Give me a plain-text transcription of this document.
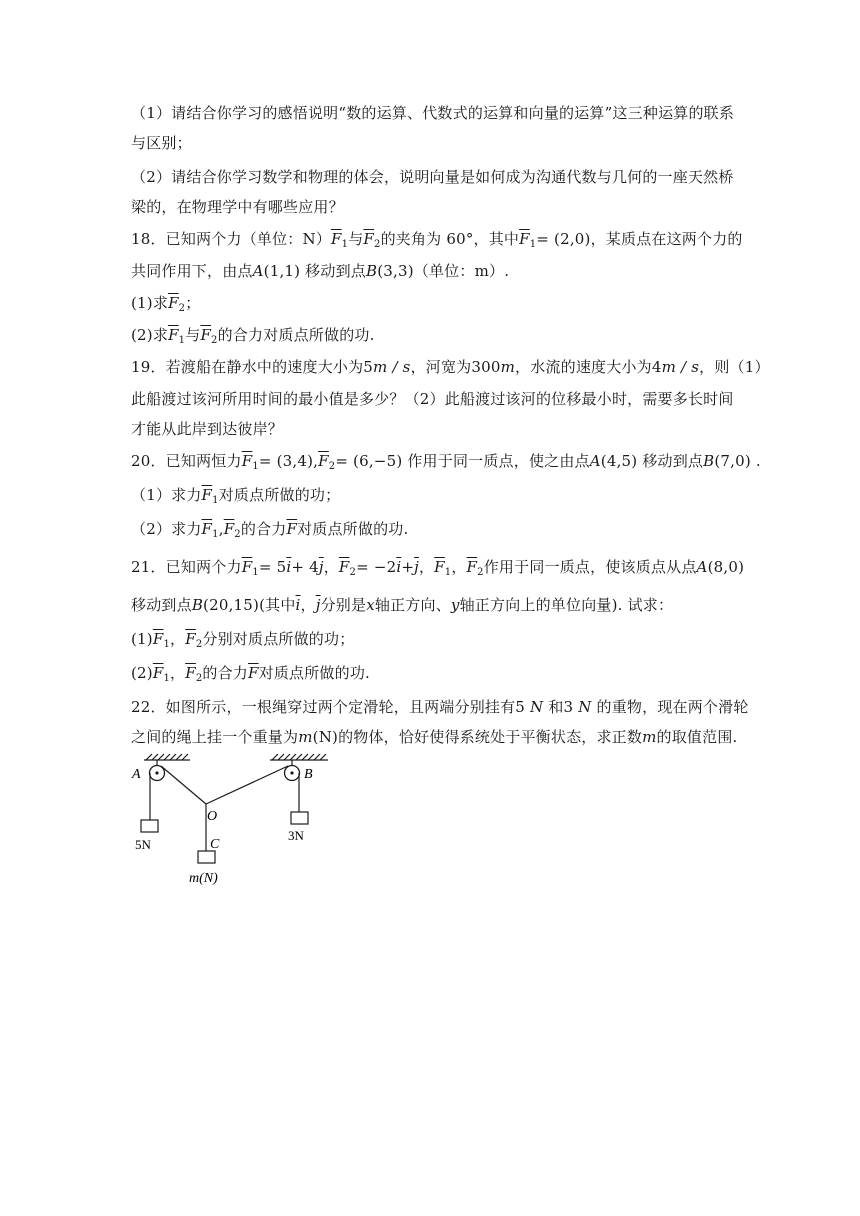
（1）请结合你学习的感悟说明“数的运算、代数式的运算和向量的运算”这三种运算的联系
与区别；
（2）请结合你学习数学和物理的体会，说明向量是如何成为沟通代数与几何的一座天然桥
梁的，在物理学中有哪些应用？
18．已知两个力（单位：$N)\overline{F}_1$与$\overline{F}_2$的夹角为 60°，其中$\overline{F}_1= (2,0)$，某质点在这两个力的
共同作用下，由点A(1,1) 移动到点B(3,3)（单位：m）.
(1)求$\overline{F}_2$；
(2)求$\overline{F}_1$与$\overline{F}_2$的合力对质点所做的功.
19．若渡船在静水中的速度大小为5m / s，河宽为300m，水流的速度大小为4m / s，则（1）
此船渡过该河所用时间的最小值是多少？（2）此船渡过该河的位移最小时，需要多长时间
才能从此岸到达彼岸？
20．已知两恒力$\overline{F}_1= (3,4),\overline{F}_2= (6,-5)$ 作用于同一质点，使之由点A(4,5) 移动到点B(7,0) .
（1）求力$\overline{F}_1$对质点所做的功；
（2）求力$\overline{F}_1,\overline{F}_2$的合力$\overline{F}$对质点所做的功.
21．已知两个力$\overline{F}_1= 5\overline{i}+ 4\overline{j}$，$\overline{F}_2= -2\overline{i}+\overline{j}$，$\overline{F}_1$，$\overline{F}_2$作用于同一质点，使该质点从点A(8,0)
移动到点B(20,15)(其中$\overline{i}$，$\overline{j}$分别是x轴正方向、y轴正方向上的单位向量). 试求：
$(1)\overline{F}_1$，$\overline{F}_2$分别对质点所做的功；
$(2)\overline{F}_1$，$\overline{F}_2$的合力$\overline{F}$对质点所做的功.
22．如图所示，一根绳穿过两个定滑轮，且两端分别挂有5 N 和3 N 的重物，现在两个滑轮
之间的绳上挂一个重量为m(N)的物体，恰好使得系统处于平衡状态，求正数m的取值范围.
A	B
O
C
5N
3N
m(N)
